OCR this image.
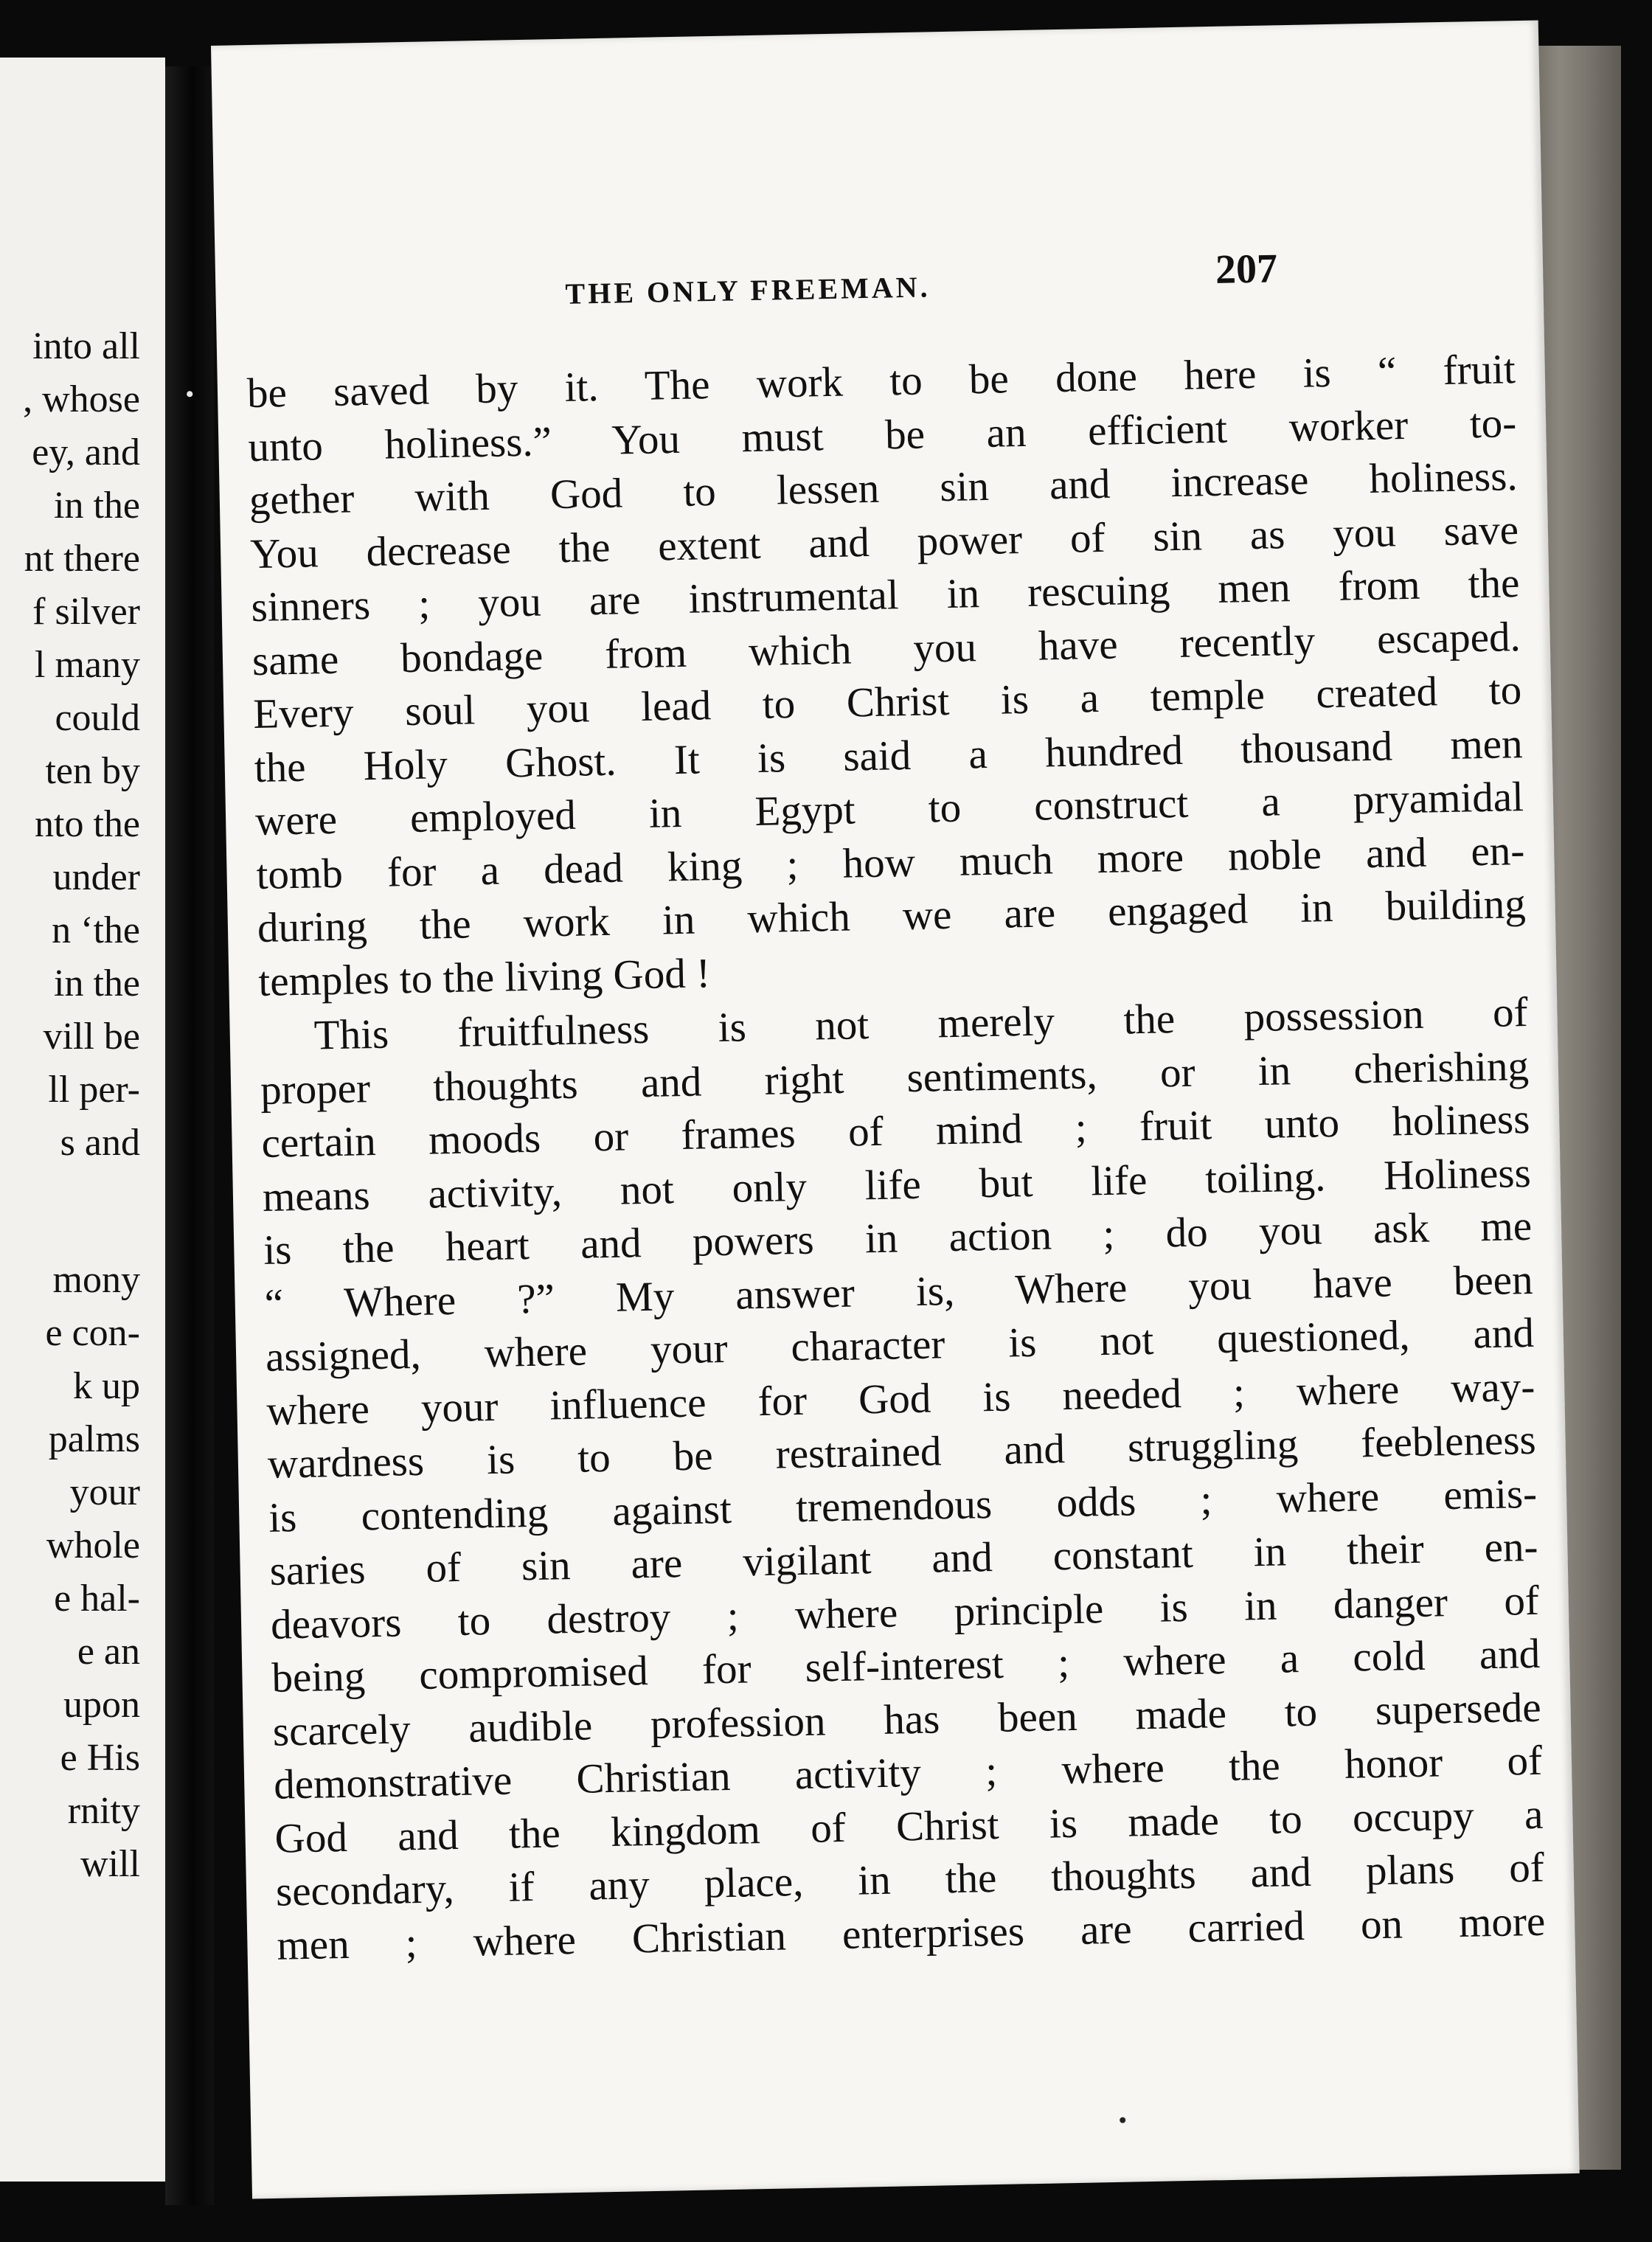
into all

, whose

ey, and

in the

nt there

f silver

l many

could

ten by

nto the

under

n ‘the

in the

vill be

ll per-

s and

mony

e con-

k up

palms

your

whole

e hal-

e an

upon

e His

rnity

will

•

THE ONLY FREEMAN.	207

be saved by it. The work to be done here is “ fruit

unto holiness.” You must be an efficient worker to-

gether with God to lessen sin and increase holiness.

You decrease the extent and power of sin as you save

sinners ; you are instrumental in rescuing men from the

same bondage from which you have recently escaped.

Every soul you lead to Christ is a temple created to

the Holy Ghost. It is said a hundred thousand men

were employed in Egypt to construct a pryamidal

tomb for a dead king ; how much more noble and en-

during the work in which we are engaged in building

temples to the living God !

This fruitfulness is not merely the possession of

proper thoughts and right sentiments, or in cherishing

certain moods or frames of mind ; fruit unto holiness

means activity, not only life but life toiling. Holiness

is the heart and powers in action ; do you ask me

“ Where ?” My answer is, Where you have been

assigned, where your character is not questioned, and

where your influence for God is needed ; where way-

wardness is to be restrained and struggling feebleness

is contending against tremendous odds ; where emis-

saries of sin are vigilant and constant in their en-

deavors to destroy ; where principle is in danger of

being compromised for self-interest ; where a cold and

scarcely audible profession has been made to supersede

demonstrative Christian activity ; where the honor of

God and the kingdom of Christ is made to occupy a

secondary, if any place, in the thoughts and plans of

men ; where Christian enterprises are carried on more
